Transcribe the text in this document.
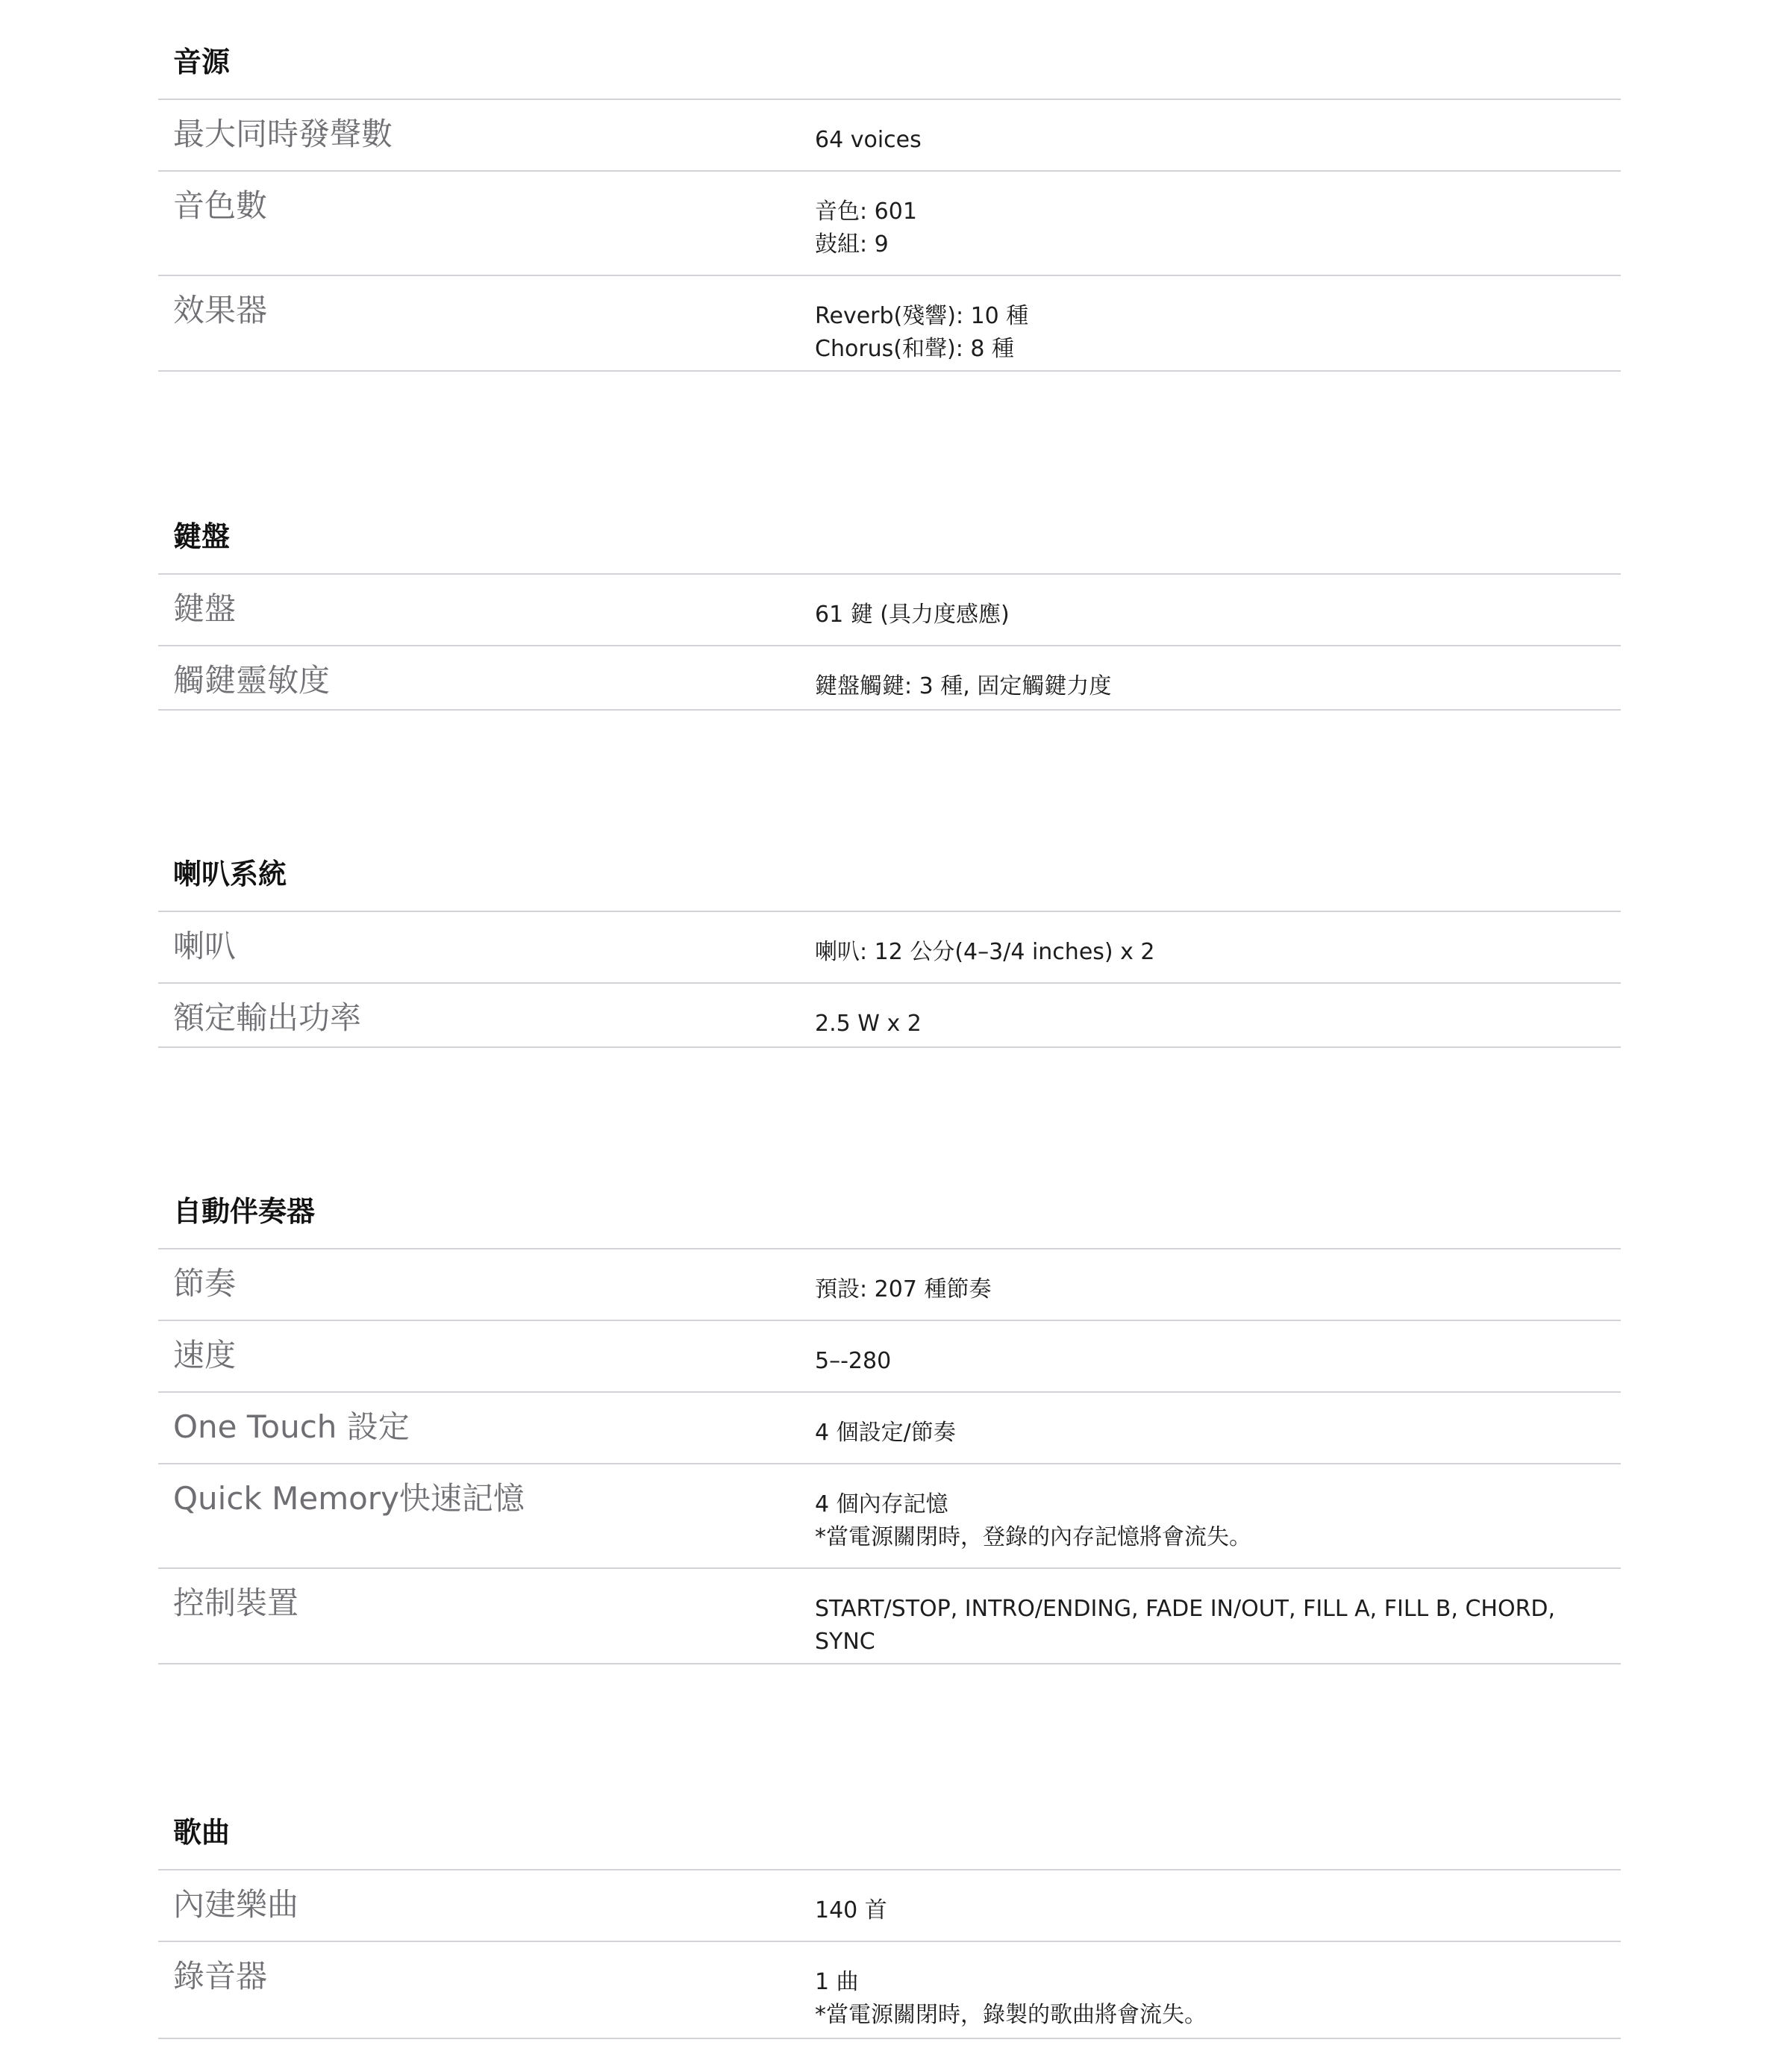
音源
最大同時發聲數	64 voices
音色數	音色: 601
鼓組: 9
效果器	Reverb(殘響): 10 種
Chorus(和聲): 8 種
鍵盤
鍵盤	61 鍵 (具力度感應)
觸鍵靈敏度	鍵盤觸鍵: 3 種, 固定觸鍵力度
喇叭系統
喇叭	喇叭: 12 公分(4–3/4 inches) x 2
額定輸出功率	2.5 W x 2
自動伴奏器
節奏	預設: 207 種節奏
速度	5–-280
One Touch 設定	4 個設定/節奏
Quick Memory快速記憶	4 個內存記憶
*當電源關閉時，登錄的內存記憶將會流失。
控制裝置	START/STOP, INTRO/ENDING, FADE IN/OUT, FILL A, FILL B, CHORD, SYNC
歌曲
內建樂曲	140 首
錄音器	1 曲
*當電源關閉時，錄製的歌曲將會流失。
